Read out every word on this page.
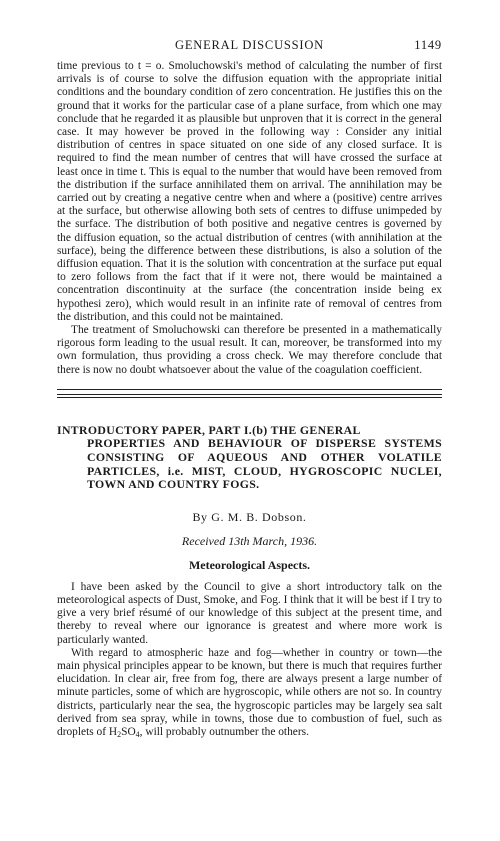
GENERAL DISCUSSION	1149

time previous to t = o. Smoluchowski's method of calculating the number of first arrivals is of course to solve the diffusion equation with the appropriate initial conditions and the boundary condition of zero concentration. He justifies this on the ground that it works for the particular case of a plane surface, from which one may conclude that he regarded it as plausible but unproven that it is correct in the general case. It may however be proved in the following way : Consider any initial distribution of centres in space situated on one side of any closed surface. It is required to find the mean number of centres that will have crossed the surface at least once in time t. This is equal to the number that would have been removed from the distribution if the surface annihilated them on arrival. The annihilation may be carried out by creating a negative centre when and where a (positive) centre arrives at the surface, but otherwise allowing both sets of centres to diffuse unimpeded by the surface. The distribution of both positive and negative centres is governed by the diffusion equation, so the actual distribution of centres (with annihilation at the surface), being the difference between these distributions, is also a solution of the diffusion equation. That it is the solution with concentration at the surface put equal to zero follows from the fact that if it were not, there would be maintained a concentration discontinuity at the surface (the concentration inside being ex hypothesi zero), which would result in an infinite rate of removal of centres from the distribution, and this could not be maintained.

The treatment of Smoluchowski can therefore be presented in a mathematically rigorous form leading to the usual result. It can, moreover, be transformed into my own formulation, thus providing a cross check. We may therefore conclude that there is now no doubt whatsoever about the value of the coagulation coefficient.

INTRODUCTORY PAPER, PART I.(b) THE GENERAL
PROPERTIES AND BEHAVIOUR OF DISPERSE SYSTEMS CONSISTING OF AQUEOUS AND OTHER VOLATILE PARTICLES, i.e. MIST, CLOUD, HYGROSCOPIC NUCLEI, TOWN AND COUNTRY FOGS.
By G. M. B. Dobson.
Received 13th March, 1936.
Meteorological Aspects.

I have been asked by the Council to give a short introductory talk on the meteorological aspects of Dust, Smoke, and Fog. I think that it will be best if I try to give a very brief résumé of our knowledge of this subject at the present time, and thereby to reveal where our ignorance is greatest and where more work is particularly wanted.

With regard to atmospheric haze and fog—whether in country or town—the main physical principles appear to be known, but there is much that requires further elucidation. In clear air, free from fog, there are always present a large number of minute particles, some of which are hygroscopic, while others are not so. In country districts, particularly near the sea, the hygroscopic particles may be largely sea salt derived from sea spray, while in towns, those due to combustion of fuel, such as droplets of $H_2SO_4$, will probably outnumber the others.
